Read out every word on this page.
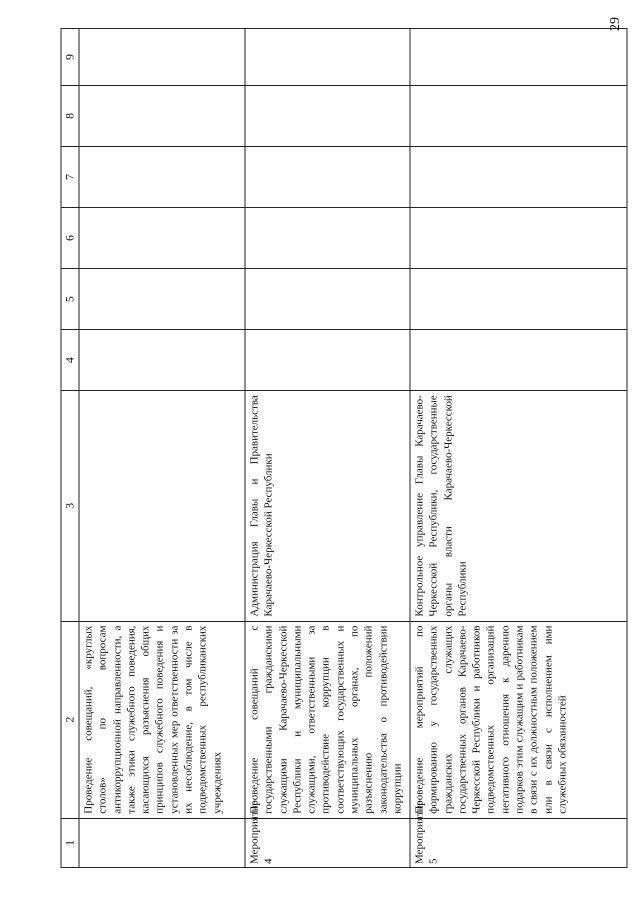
29
1	2	3	4	5	6	7	8	9

	Проведение совещаний, «круглых столов» по вопросам антикоррупционной направленности, а также этики служебного поведения, касающихся разъяснения общих принципов служебного поведения и установленных мер ответственности за их несоблюдение, в том числе в подведомственных республиканских учреждениях							

Мероприятие 4	Проведение совещаний с государственными гражданскими служащими Карачаево-Черкесской Республики и муниципальными служащими, ответственными за противодействие коррупции в соответствующих государственных и муниципальных органах, по разъяснению положений законодательства о противодействии коррупции	Администрация Главы и Правительства Карачаево-Черкесской Республики						

Мероприятие 5	Проведение мероприятий по формированию у государственных гражданских служащих государственных органов Карачаево-Черкесской Республики и работников подведомственных организаций негативного отношения к дарению подарков этим служащим и работникам в связи с их должностным положением или в связи с исполнением ими служебных обязанностей	Контрольное управление Главы Карачаево-Черкесской Республики, государственные органы власти Карачаево-Черкесской Республики						
